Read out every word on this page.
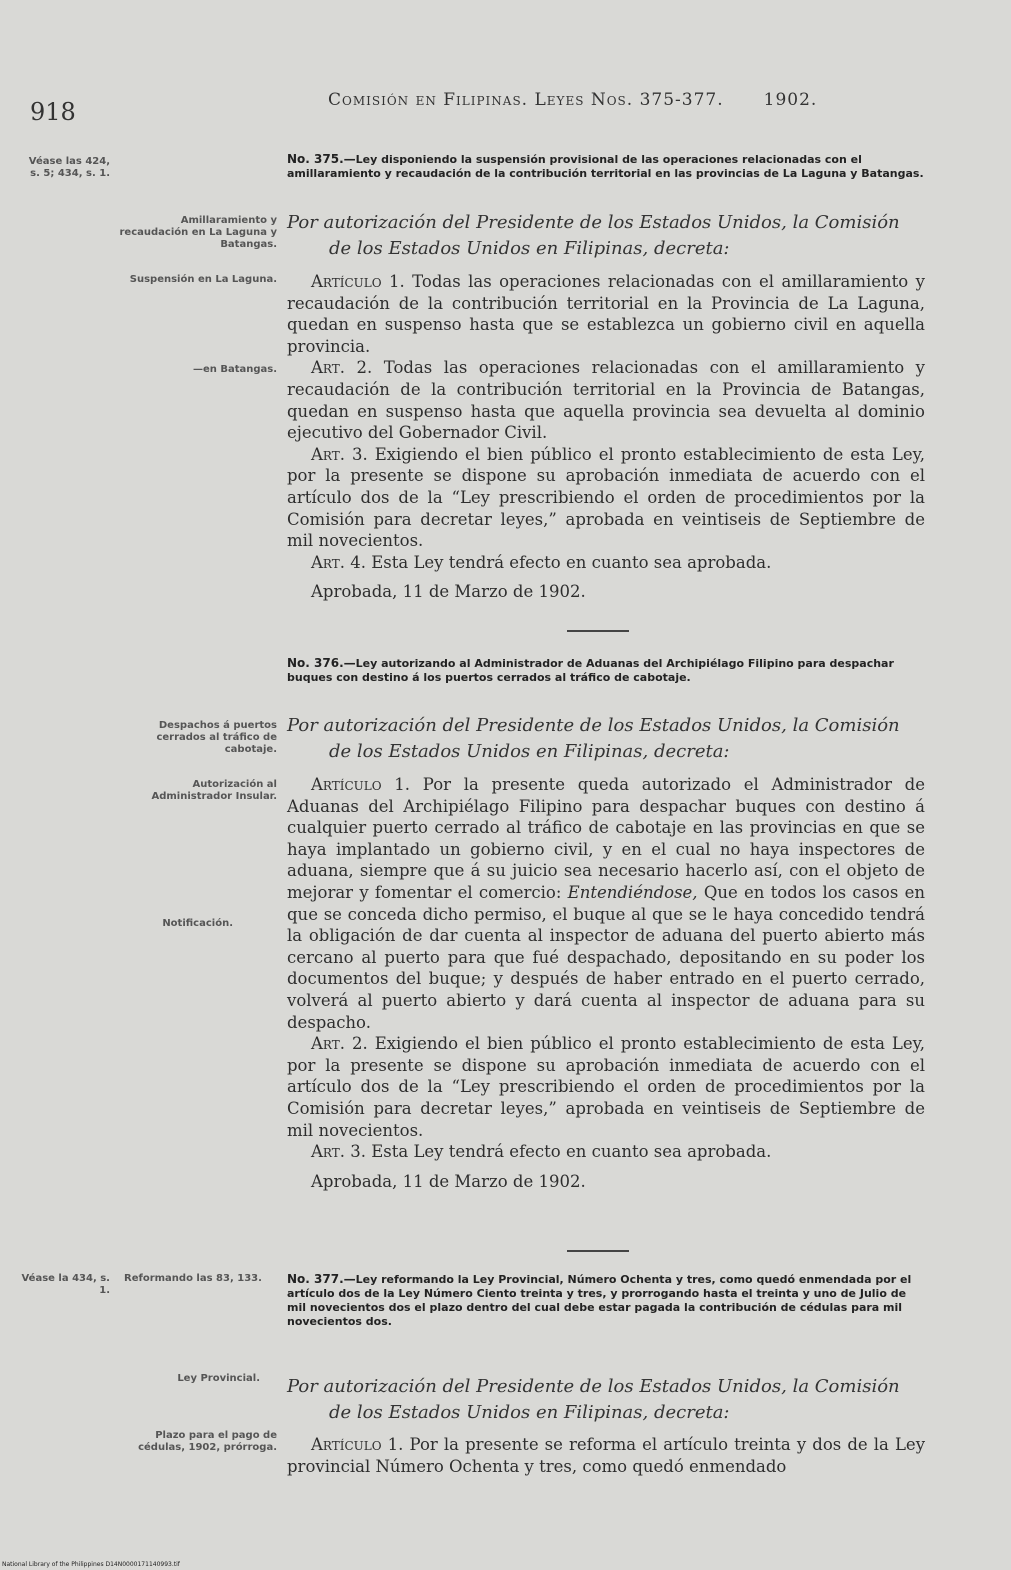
918	Comisión en Filipinas. Leyes Nos. 375-377. 1902.
Véase las 424, s. 5; 434, s. 1.
No. 375.—Ley disponiendo la suspensión provisional de las operaciones relacionadas con el amillaramiento y recaudación de la contribución territorial en las provincias de La Laguna y Batangas.
Amillaramiento y recaudación en La Laguna y Batangas.
Por autorización del Presidente de los Estados Unidos, la Comisión
de los Estados Unidos en Filipinas, decreta:
Suspensión en La Laguna.	Artículo 1. Todas las operaciones relacionadas con el amillaramiento y recaudación de la contribución territorial en la Provincia de La Laguna, quedan en suspenso hasta que se establezca un gobierno civil en aquella provincia.
Art. 2. Todas las operaciones relacionadas con el amillaramiento y recaudación de la contribución territorial en la Provincia de Batangas, quedan en suspenso hasta que aquella provincia sea devuelta al dominio ejecutivo del Gobernador Civil.
Art. 3. Exigiendo el bien público el pronto establecimiento de esta Ley, por la presente se dispone su aprobación inmediata de acuerdo con el artículo dos de la “Ley prescribiendo el orden de procedimientos por la Comisión para decretar leyes,” aprobada en veintiseis de Septiembre de mil novecientos.
Art. 4. Esta Ley tendrá efecto en cuanto sea aprobada.
Aprobada, 11 de Marzo de 1902.
—en Batangas.
No. 376.—Ley autorizando al Administrador de Aduanas del Archipiélago Filipino para despachar buques con destino á los puertos cerrados al tráfico de cabotaje.
Despachos á puertos cerrados al tráfico de cabotaje.
Por autorización del Presidente de los Estados Unidos, la Comisión
de los Estados Unidos en Filipinas, decreta:
Autorización al Administrador Insular.
Artículo 1. Por la presente queda autorizado el Administrador de Aduanas del Archipiélago Filipino para despachar buques con destino á cualquier puerto cerrado al tráfico de cabotaje en las provincias en que se haya implantado un gobierno civil, y en el cual no haya inspectores de aduana, siempre que á su juicio sea necesario hacerlo así, con el objeto de mejorar y fomentar el comercio: Entendiéndose, Que en todos los casos en que se conceda dicho permiso, el buque al que se le haya concedido tendrá la obligación de dar cuenta al inspector de aduana del puerto abierto más cercano al puerto para que fué despachado, depositando en su poder los documentos del buque; y después de haber entrado en el puerto cerrado, volverá al puerto abierto y dará cuenta al inspector de aduana para su despacho.
Art. 2. Exigiendo el bien público el pronto establecimiento de esta Ley, por la presente se dispone su aprobación inmediata de acuerdo con el artículo dos de la “Ley prescribiendo el orden de procedimientos por la Comisión para decretar leyes,” aprobada en veintiseis de Septiembre de mil novecientos.
Art. 3. Esta Ley tendrá efecto en cuanto sea aprobada.
Aprobada, 11 de Marzo de 1902.
Notificación.
Véase la 434, s. 1.
Reformando las 83, 133.	No. 377.—Ley reformando la Ley Provincial, Número Ochenta y tres, como quedó enmendada por el artículo dos de la Ley Número Ciento treinta y tres, y prorrogando hasta el treinta y uno de Julio de mil novecientos dos el plazo dentro del cual debe estar pagada la contribución de cédulas para mil novecientos dos.
Ley Provincial. Por autorización del Presidente de los Estados Unidos, la Comisión
de los Estados Unidos en Filipinas, decreta:
Plazo para el pago de cédulas, 1902, prórroga.	Artículo 1. Por la presente se reforma el artículo treinta y dos de la Ley provincial Número Ochenta y tres, como quedó enmendado
National Library of the Philippines D14N0000171140993.tif
